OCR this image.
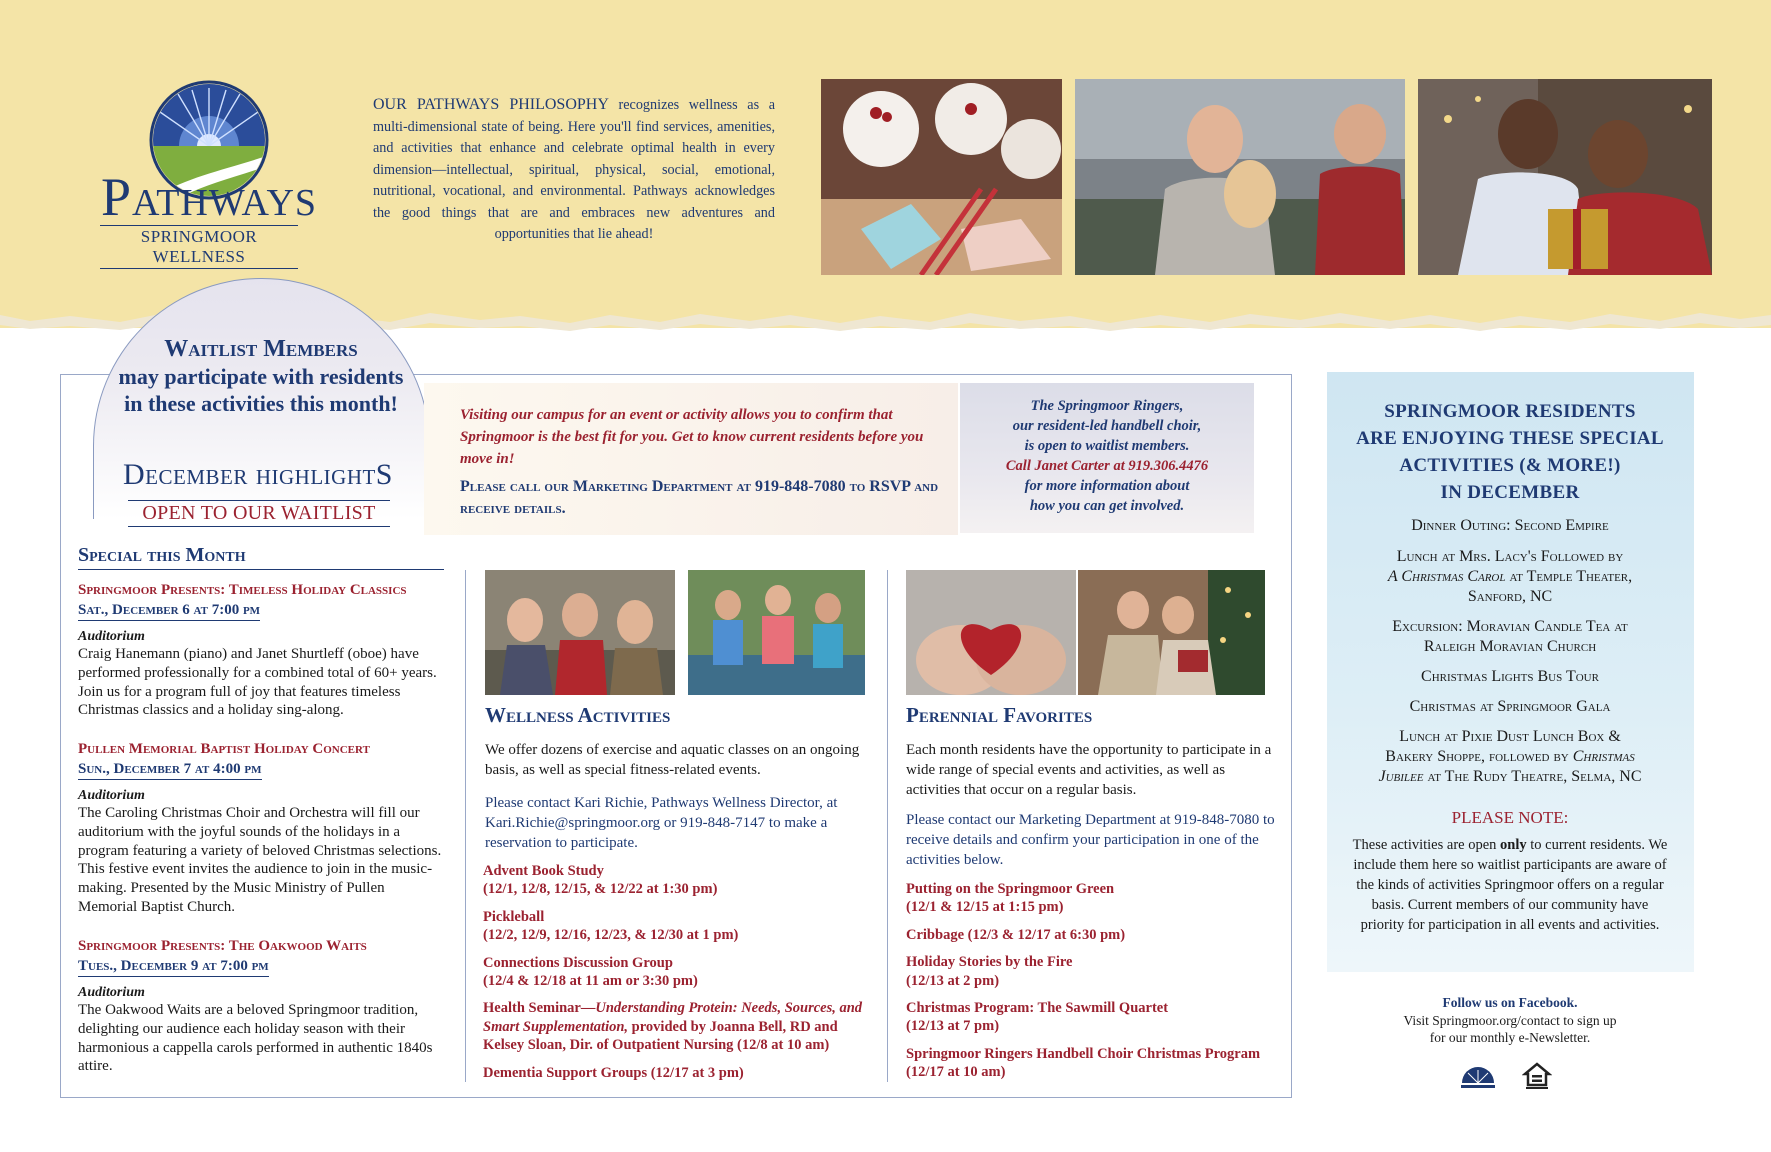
Pathways
SPRINGMOOR WELLNESS
OUR PATHWAYS PHILOSOPHY recognizes wellness as a multi-dimensional state of being. Here you'll find services, amenities, and activities that enhance and celebrate optimal health in every dimension—intellectual, spiritual, physical, social, emotional, nutritional, vocational, and environmental. Pathways acknowledges the good things that are and embraces new adventures and opportunities that lie ahead!
Waitlist Members
may participate with residents in these activities this month!
December highlightS
OPEN TO OUR WAITLIST
Visiting our campus for an event or activity allows you to confirm that Springmoor is the best fit for you. Get to know current residents before you move in!
Please call our Marketing Department at 919-848-7080 to RSVP and receive details.
The Springmoor Ringers,
our resident-led handbell choir,
is open to waitlist members.
Call Janet Carter at 919.306.4476
for more information about
how you can get involved.
Special this Month
Springmoor Presents: Timeless Holiday Classics
Sat., December 6 at 7:00 pm
Auditorium
Craig Hanemann (piano) and Janet Shurtleff (oboe) have performed professionally for a combined total of 60+ years. Join us for a program full of joy that features timeless Christmas classics and a holiday sing-along.
Pullen Memorial Baptist Holiday Concert
Sun., December 7 at 4:00 pm
Auditorium
The Caroling Christmas Choir and Orchestra will fill our auditorium with the joyful sounds of the holidays in a program featuring a variety of beloved Christmas selections. This festive event invites the audience to join in the music-making. Presented by the Music Ministry of Pullen Memorial Baptist Church.
Springmoor Presents: The Oakwood Waits
Tues., December 9 at 7:00 pm
Auditorium
The Oakwood Waits are a beloved Springmoor tradition, delighting our audience each holiday season with their harmonious a cappella carols performed in authentic 1840s attire.
Wellness Activities
We offer dozens of exercise and aquatic classes on an ongoing basis, as well as special fitness-related events.
Please contact Kari Richie, Pathways Wellness Director, at Kari.Richie@springmoor.org or 919-848-7147 to make a reservation to participate.
Advent Book Study
(12/1, 12/8, 12/15, & 12/22 at 1:30 pm)
Pickleball
(12/2, 12/9, 12/16, 12/23, & 12/30 at 1 pm)
Connections Discussion Group
(12/4 & 12/18 at 11 am or 3:30 pm)
Health Seminar—Understanding Protein: Needs, Sources, and Smart Supplementation, provided by Joanna Bell, RD and Kelsey Sloan, Dir. of Outpatient Nursing (12/8 at 10 am)
Dementia Support Groups (12/17 at 3 pm)
Perennial Favorites
Each month residents have the opportunity to participate in a wide range of special events and activities, as well as activities that occur on a regular basis.
Please contact our Marketing Department at 919-848-7080 to receive details and confirm your participation in one of the activities below.
Putting on the Springmoor Green
(12/1 & 12/15 at 1:15 pm)
Cribbage (12/3 & 12/17 at 6:30 pm)
Holiday Stories by the Fire
(12/13 at 2 pm)
Christmas Program: The Sawmill Quartet
(12/13 at 7 pm)
Springmoor Ringers Handbell Choir Christmas Program
(12/17 at 10 am)
SPRINGMOOR RESIDENTS
ARE ENJOYING THESE SPECIAL
ACTIVITIES (& MORE!)
IN DECEMBER
Dinner Outing: Second Empire
Lunch at Mrs. Lacy's Followed by
A Christmas Carol at Temple Theater,
Sanford, NC
Excursion: Moravian Candle Tea at
Raleigh Moravian Church
Christmas Lights Bus Tour
Christmas at Springmoor Gala
Lunch at Pixie Dust Lunch Box &
Bakery Shoppe, followed by Christmas
Jubilee at The Rudy Theatre, Selma, NC
PLEASE NOTE:
These activities are open only to current residents. We include them here so waitlist participants are aware of the kinds of activities Springmoor offers on a regular basis. Current members of our community have priority for participation in all events and activities.
Follow us on Facebook.
Visit Springmoor.org/contact to sign up
for our monthly e-Newsletter.
